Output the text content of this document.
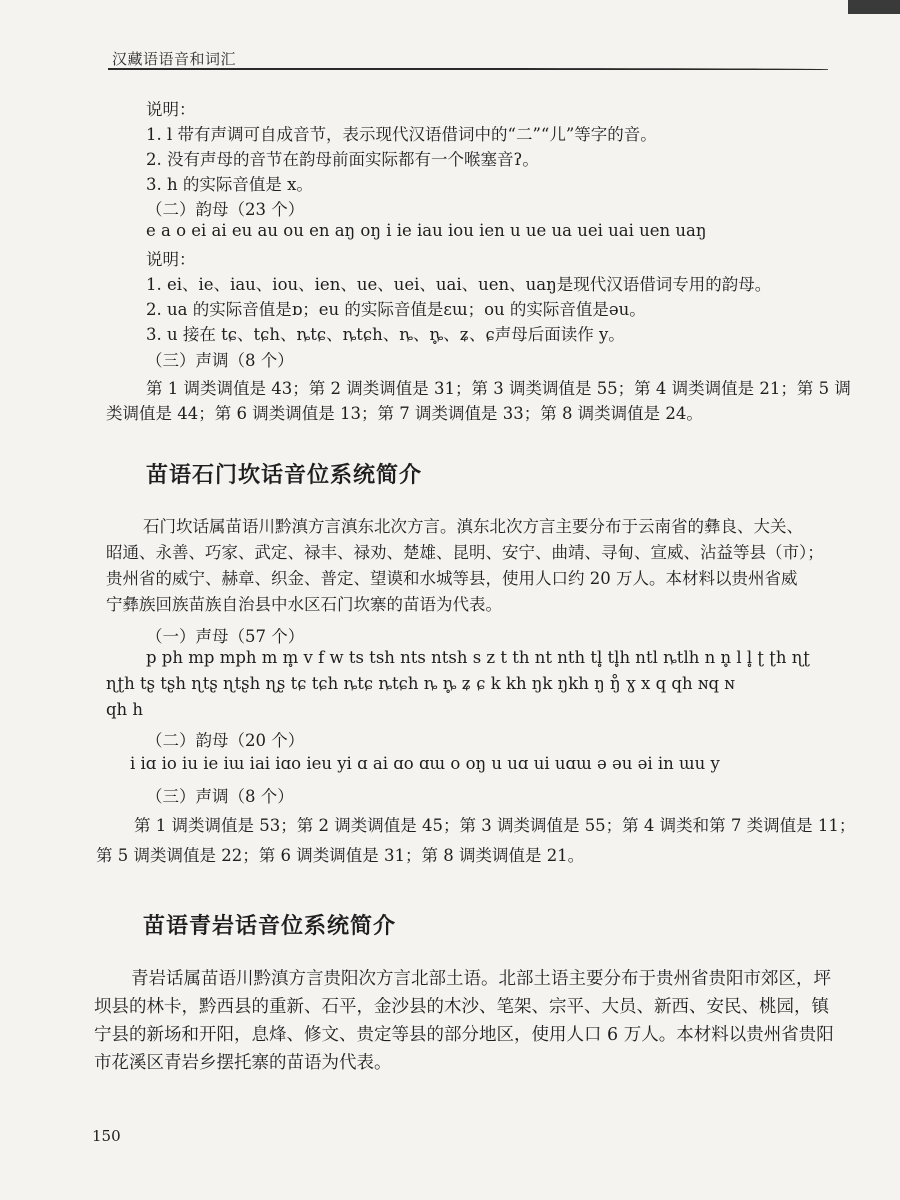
汉藏语语音和词汇
说明：
1. l 带有声调可自成音节，表示现代汉语借词中的“二”“儿”等字的音。
2. 没有声母的音节在韵母前面实际都有一个喉塞音ʔ。
3. h 的实际音值是 x。
（二）韵母（23 个）
e a o ei ai eu au ou en aŋ oŋ i ie iau iou ien u ue ua uei uai uen uaŋ
说明：
1. ei、ie、iau、iou、ien、ue、uei、uai、uen、uaŋ是现代汉语借词专用的韵母。
2. ua 的实际音值是ɒ；eu 的实际音值是ɛɯ；ou 的实际音值是əu。
3. u 接在 tɕ、tɕh、ȵtɕ、ȵtɕh、ȵ、ȵ̥、ʑ、ɕ声母后面读作 y。
（三）声调（8 个）
第 1 调类调值是 43；第 2 调类调值是 31；第 3 调类调值是 55；第 4 调类调值是 21；第 5 调
类调值是 44；第 6 调类调值是 13；第 7 调类调值是 33；第 8 调类调值是 24。
苗语石门坎话音位系统简介
石门坎话属苗语川黔滇方言滇东北次方言。滇东北次方言主要分布于云南省的彝良、大关、
昭通、永善、巧家、武定、禄丰、禄劝、楚雄、昆明、安宁、曲靖、寻甸、宣威、沾益等县（市）；
贵州省的威宁、赫章、织金、普定、望谟和水城等县，使用人口约 20 万人。本材料以贵州省威
宁彝族回族苗族自治县中水区石门坎寨的苗语为代表。
（一）声母（57 个）
p ph mp mph m m̥ v f w ts tsh nts ntsh s z t th nt nth tl̥ tl̥h ntl ȵtlh n n̥ l l̥ ʈ ʈh ɳʈ
ɳʈh tʂ tʂh ɳtʂ ɳtʂh ɳʂ tɕ tɕh ȵtɕ ȵtɕh ȵ ȵ̥ ʑ ɕ k kh ŋk ŋkh ŋ ŋ̊ ɣ x q qh ɴq ɴ
qh h
（二）韵母（20 个）
i iɑ io iu ie iɯ iai iɑo ieu yi ɑ ai ɑo ɑɯ o oŋ u uɑ ui uɑɯ ə əu əi in ɯu y
（三）声调（8 个）
第 1 调类调值是 53；第 2 调类调值是 45；第 3 调类调值是 55；第 4 调类和第 7 类调值是 11；
第 5 调类调值是 22；第 6 调类调值是 31；第 8 调类调值是 21。
苗语青岩话音位系统简介
青岩话属苗语川黔滇方言贵阳次方言北部土语。北部土语主要分布于贵州省贵阳市郊区，坪
坝县的林卡，黔西县的重新、石平，金沙县的木沙、笔架、宗平、大员、新西、安民、桃园，镇
宁县的新场和开阳，息烽、修文、贵定等县的部分地区，使用人口 6 万人。本材料以贵州省贵阳
市花溪区青岩乡摆托寨的苗语为代表。
150
